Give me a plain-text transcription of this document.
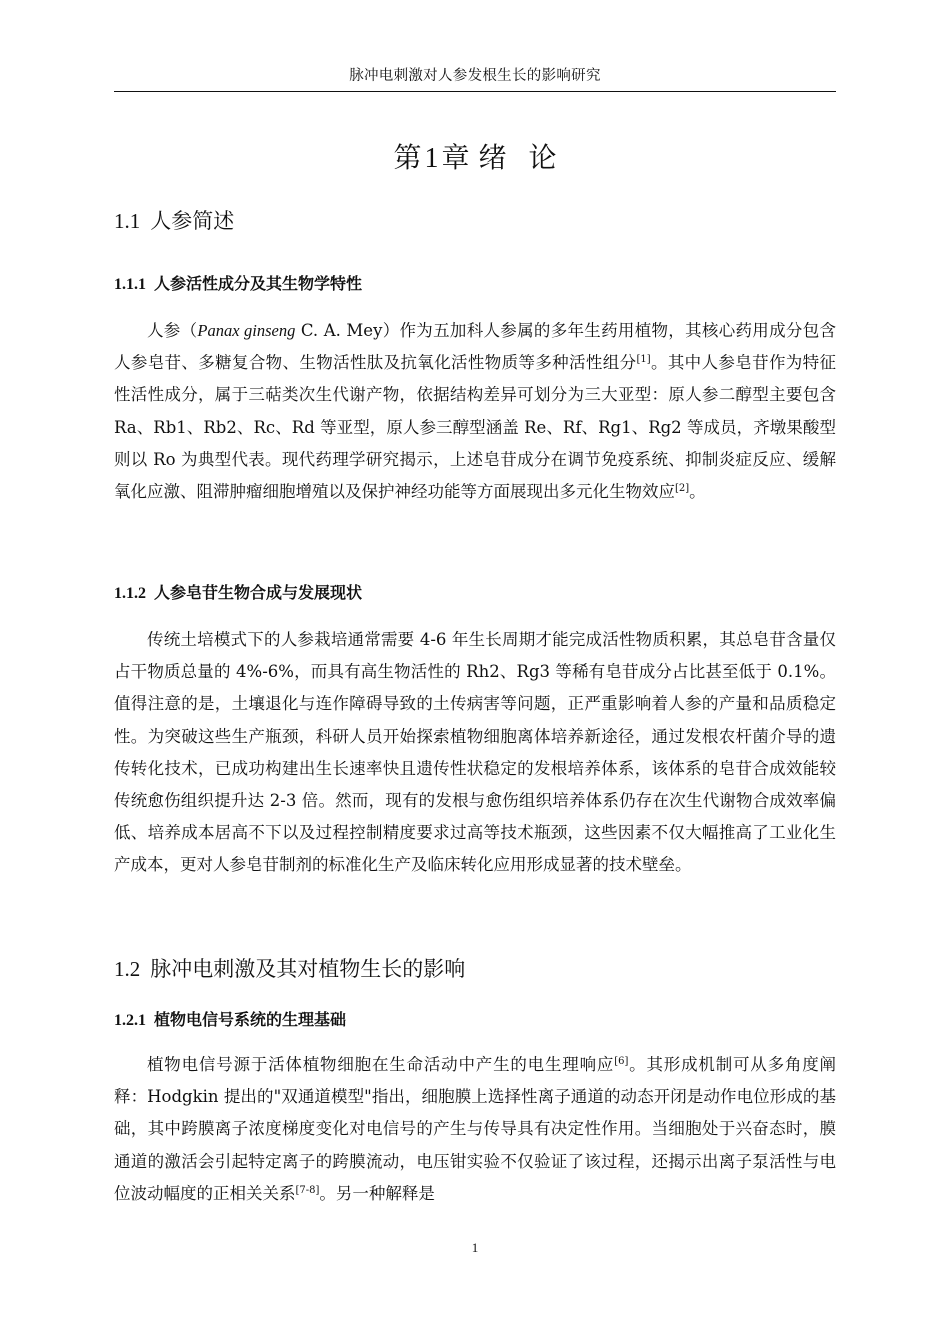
脉冲电刺激对人参发根生长的影响研究
第 1 章 绪 论
1.1 人参简述
1.1.1 人参活性成分及其生物学特性

人参（Panax ginseng C. A. Mey）作为五加科人参属的多年生药用植物，其核心药用成分包含人参皂苷、多糖复合物、生物活性肽及抗氧化活性物质等多种活性组分[1]。其中人参皂苷作为特征性活性成分，属于三萜类次生代谢产物，依据结构差异可划分为三大亚型：原人参二醇型主要包含 Ra、Rb1、Rb2、Rc、Rd 等亚型，原人参三醇型涵盖 Re、Rf、Rg1、Rg2 等成员，齐墩果酸型则以 Ro 为典型代表。现代药理学研究揭示，上述皂苷成分在调节免疫系统、抑制炎症反应、缓解氧化应激、阻滞肿瘤细胞增殖以及保护神经功能等方面展现出多元化生物效应[2]。

1.1.2 人参皂苷生物合成与发展现状

传统土培模式下的人参栽培通常需要 4-6 年生长周期才能完成活性物质积累，其总皂苷含量仅占干物质总量的 4%-6%，而具有高生物活性的 Rh2、Rg3 等稀有皂苷成分占比甚至低于 0.1%。值得注意的是，土壤退化与连作障碍导致的土传病害等问题，正严重影响着人参的产量和品质稳定性。为突破这些生产瓶颈，科研人员开始探索植物细胞离体培养新途径，通过发根农杆菌介导的遗传转化技术，已成功构建出生长速率快且遗传性状稳定的发根培养体系，该体系的皂苷合成效能较传统愈伤组织提升达 2-3 倍。然而，现有的发根与愈伤组织培养体系仍存在次生代谢物合成效率偏低、培养成本居高不下以及过程控制精度要求过高等技术瓶颈，这些因素不仅大幅推高了工业化生产成本，更对人参皂苷制剂的标准化生产及临床转化应用形成显著的技术壁垒。

1.2 脉冲电刺激及其对植物生长的影响
1.2.1 植物电信号系统的生理基础

植物电信号源于活体植物细胞在生命活动中产生的电生理响应[6]。其形成机制可从多角度阐释：Hodgkin 提出的"双通道模型"指出，细胞膜上选择性离子通道的动态开闭是动作电位形成的基础，其中跨膜离子浓度梯度变化对电信号的产生与传导具有决定性作用。当细胞处于兴奋态时，膜通道的激活会引起特定离子的跨膜流动，电压钳实验不仅验证了该过程，还揭示出离子泵活性与电位波动幅度的正相关关系[7-8]。另一种解释是

1
